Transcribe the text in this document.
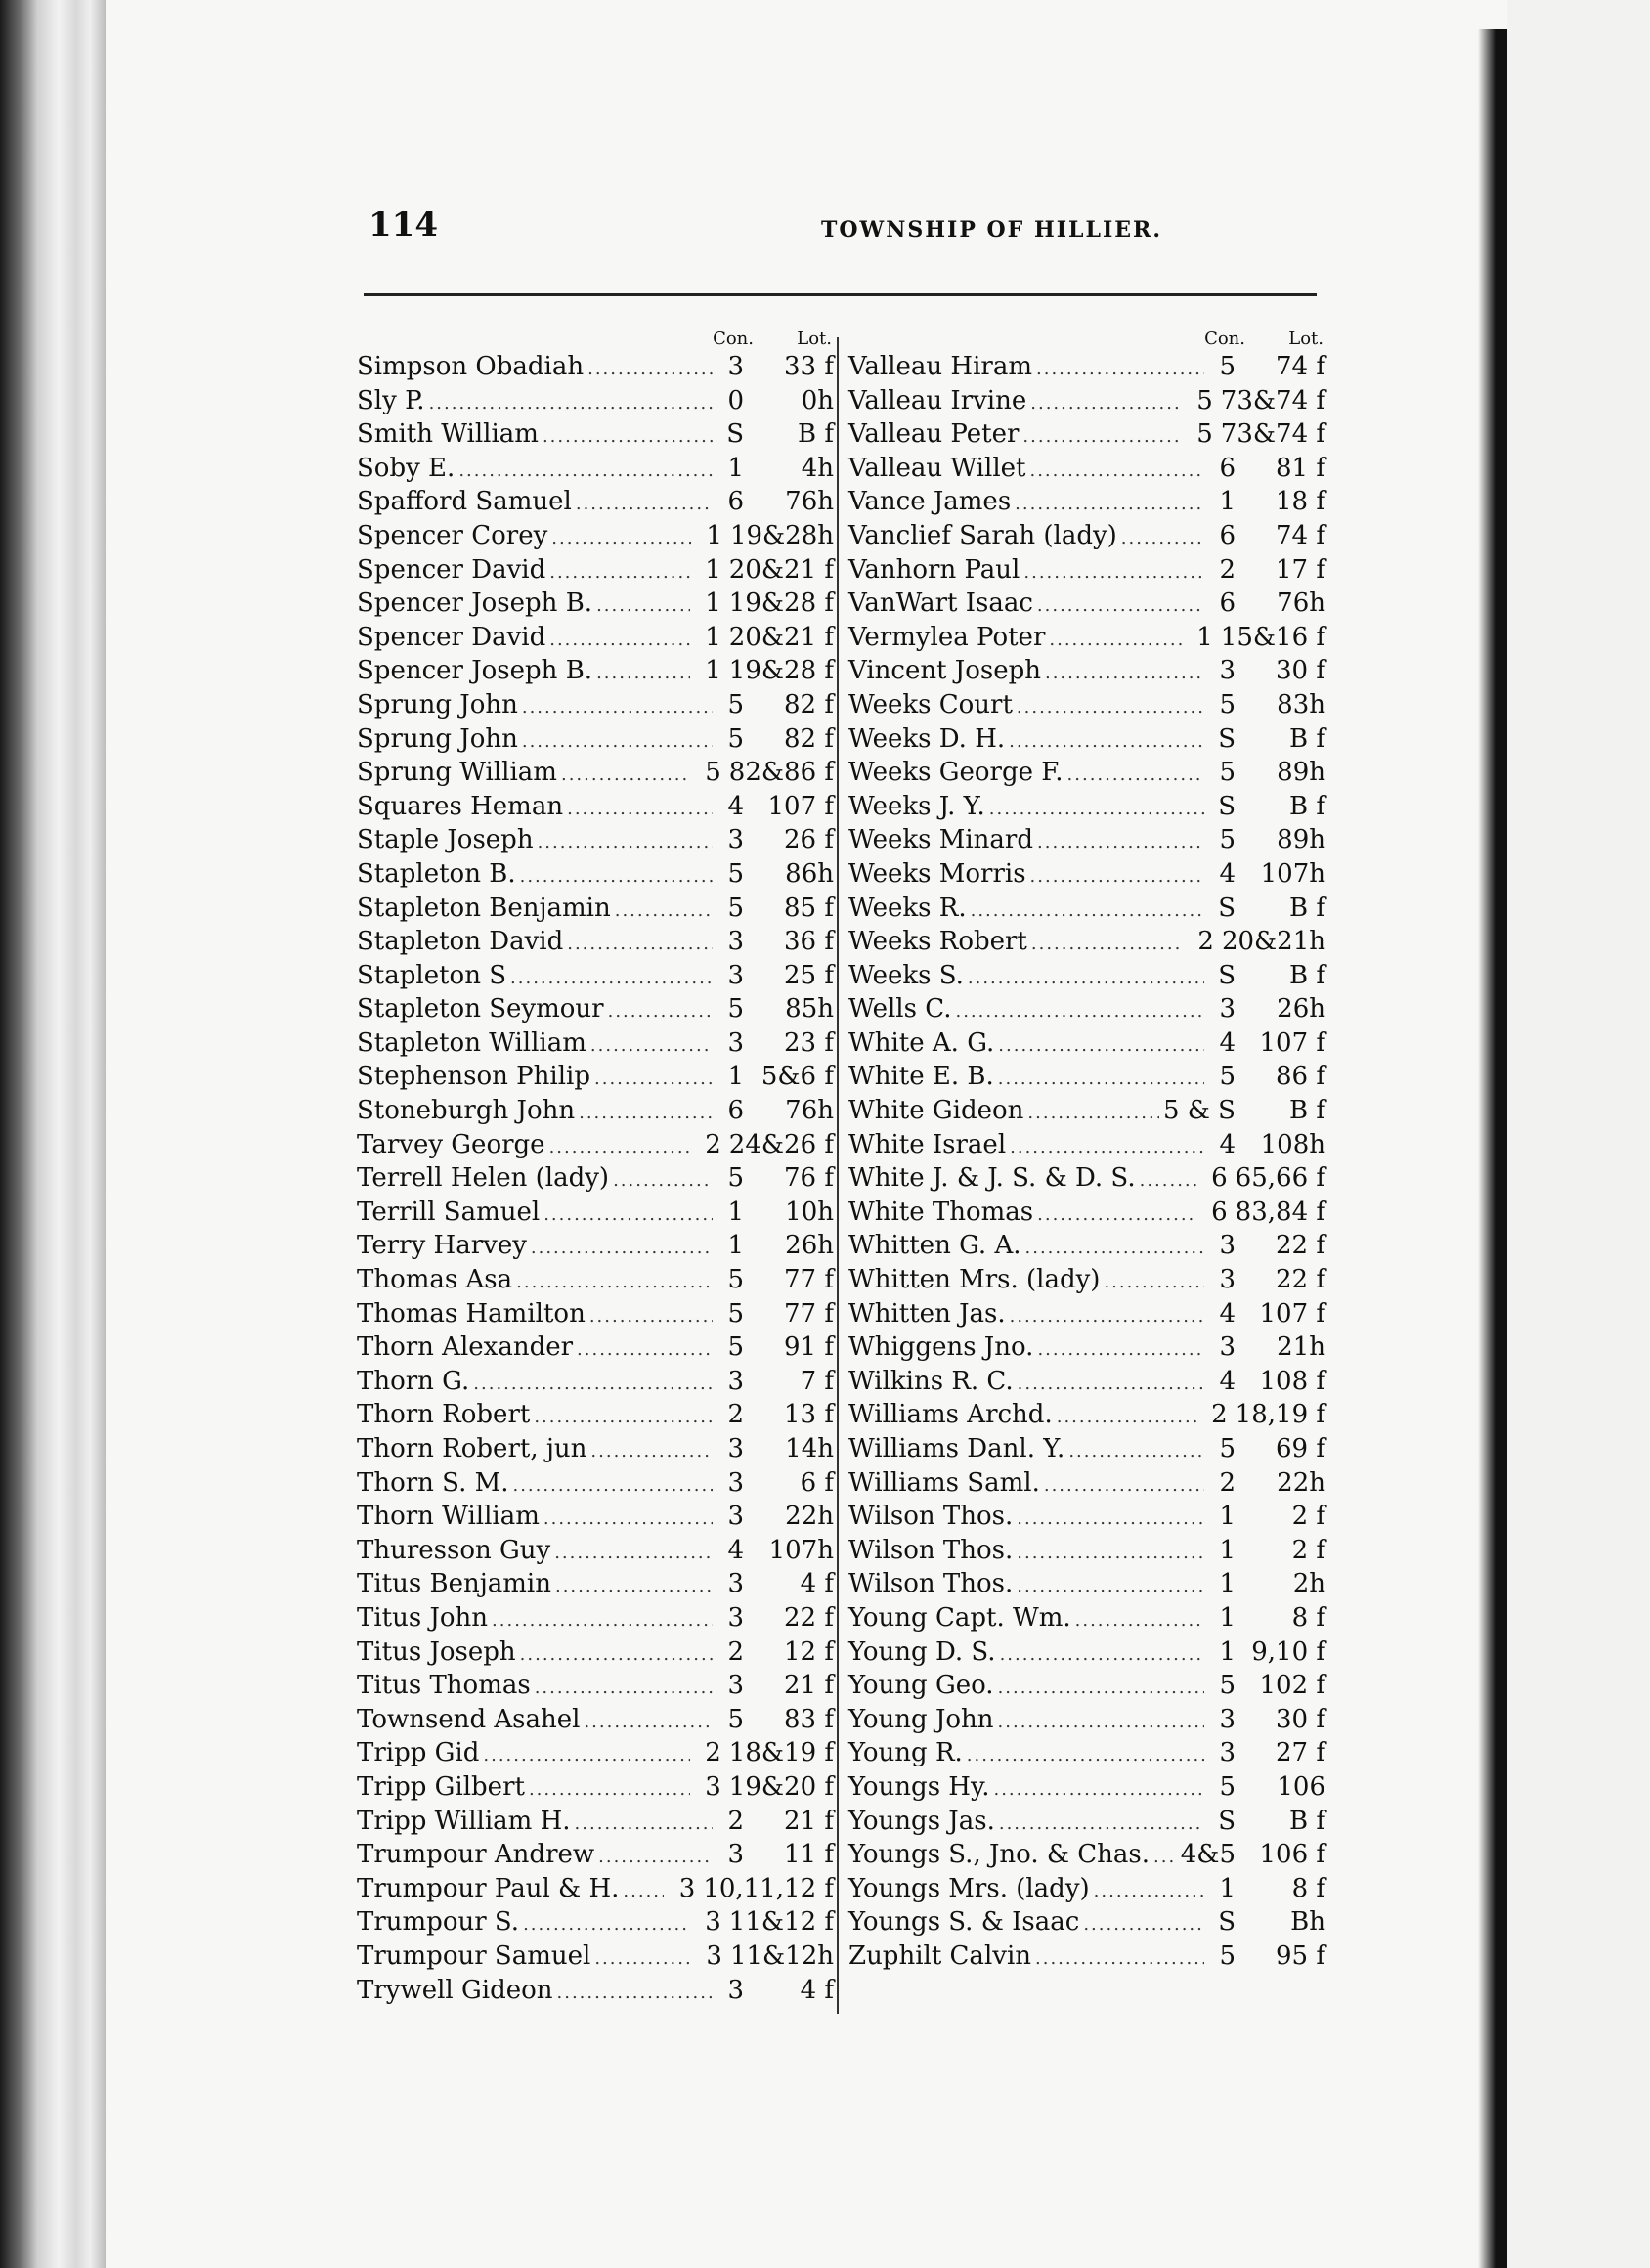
114	TOWNSHIP OF HILLIER.
Con. Lot.
Simpson Obadiah .....	3	33 f
Sly P. .....	0	0h
Smith William .....	S	B f
Soby E. .....	1	4h
Spafford Samuel .....	6	76h
Spencer Corey .....	1 19&28h
Spencer David .....	1 20&21 f
Spencer Joseph B. .....	1 19&28 f
Spencer David .....	1 20&21 f
Spencer Joseph B. .....	1 19&28 f
Sprung John .....	5	82 f
Sprung John .....	5	82 f
Sprung William .....	5 82&86 f
Squares Heman .....	4 107 f
Staple Joseph .....	3	26 f
Stapleton B. .....	5	86h
Stapleton Benjamin .....	5	85 f
Stapleton David .....	3	36 f
Stapleton S .....	3	25 f
Stapleton Seymour .....	5	85h
Stapleton William .....	3	23 f
Stephenson Philip .....	1 5&6 f
Stoneburgh John .....	6	76h
Tarvey George .....	2 24&26 f
Terrell Helen (lady) .....	5	76 f
Terrill Samuel .....	1	10h
Terry Harvey .....	1	26h
Thomas Asa .....	5	77 f
Thomas Hamilton .....	5	77 f
Thorn Alexander .....	5	91 f
Thorn G. .....	3	7 f
Thorn Robert .....	2	13 f
Thorn Robert, jun .....	3	14h
Thorn S. M. .....	3	6 f
Thorn William .....	3	22h
Thuresson Guy .....	4 107h
Titus Benjamin .....	3	4 f
Titus John .....	3	22 f
Titus Joseph .....	2	12 f
Titus Thomas .....	3	21 f
Townsend Asahel .....	5	83 f
Tripp Gid .....	2 18&19 f
Tripp Gilbert .....	3 19&20 f
Tripp William H. .....	2	21 f
Trumpour Andrew .....	3	11 f
Trumpour Paul & H. .....	3 10,11,12 f
Trumpour S. .....	3 11&12 f
Trumpour Samuel .....	3 11&12h
Trywell Gideon .....	3	4 f
Con. Lot.
Valleau Hiram .....	5	74 f
Valleau Irvine .....	5 73&74 f
Valleau Peter .....	5 73&74 f
Valleau Willet .....	6	81 f
Vance James .....	1	18 f
Vanclief Sarah (lady) .....	6	74 f
Vanhorn Paul .....	2	17 f
VanWart Isaac .....	6	76h
Vermylea Poter .....	1 15&16 f
Vincent Joseph .....	3	30 f
Weeks Court .....	5	83h
Weeks D. H. .....	S	B f
Weeks George F. .....	5	89h
Weeks J. Y. .....	S	B f
Weeks Minard .....	5	89h
Weeks Morris .....	4 107h
Weeks R. .....	S	B f
Weeks Robert .....	2 20&21h
Weeks S. .....	S	B f
Wells C. .....	3	26h
White A. G. .....	4 107 f
White E. B. .....	5	86 f
White Gideon .....	5 & S	B f
White Israel .....	4 108h
White J. & J. S. & D. S. .....	6 65,66 f
White Thomas .....	6 83,84 f
Whitten G. A. .....	3	22 f
Whitten Mrs. (lady) .....	3	22 f
Whitten Jas. .....	4 107 f
Whiggens Jno. .....	3	21h
Wilkins R. C. .....	4 108 f
Williams Archd. .....	2 18,19 f
Williams Danl. Y. .....	5	69 f
Williams Saml. .....	2	22h
Wilson Thos. .....	1	2 f
Wilson Thos. .....	1	2 f
Wilson Thos. .....	1	2h
Young Capt. Wm. .....	1	8 f
Young D. S. .....	1 9,10 f
Young Geo. .....	5 102 f
Young John .....	3	30 f
Young R. .....	3	27 f
Youngs Hy. .....	5	106
Youngs Jas. .....	S	B f
Youngs S., Jno. & Chas. ..... 4&5 106 f
Youngs Mrs. (lady) .....	1	8 f
Youngs S. & Isaac .....	S	Bh
Zuphilt Calvin .....	5	95 f
